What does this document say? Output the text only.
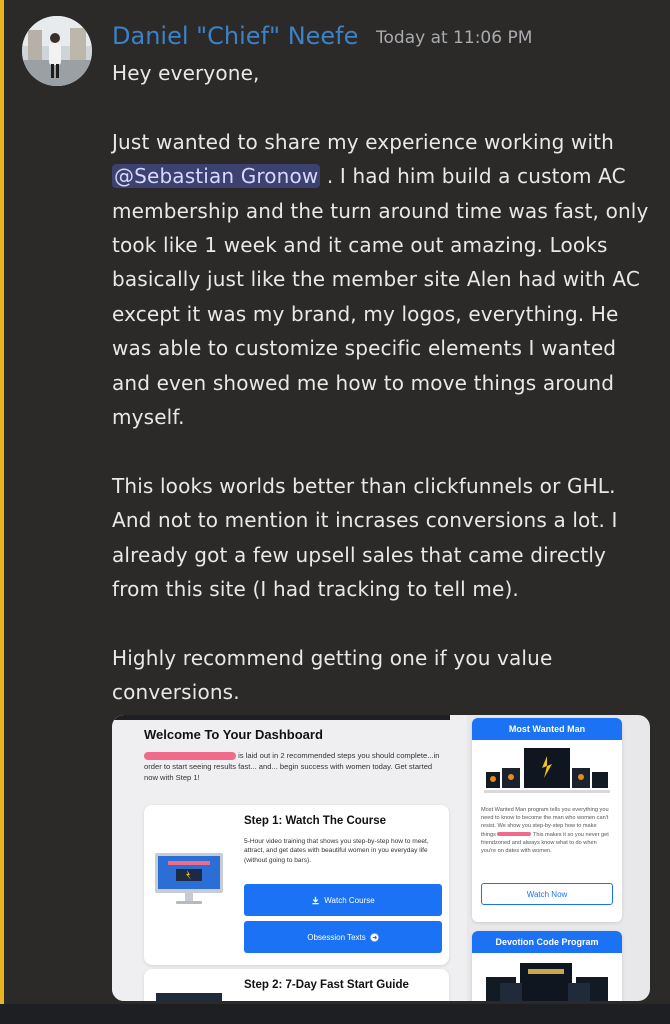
Daniel "Chief" Neefe Today at 11:06 PM

Hey everyone,

Just wanted to share my experience working with @Sebastian Gronow . I had him build a custom AC membership and the turn around time was fast, only took like 1 week and it came out amazing. Looks basically just like the member site Alen had with AC except it was my brand, my logos, everything. He was able to customize specific elements I wanted and even showed me how to move things around myself.

This looks worlds better than clickfunnels or GHL. And not to mention it incrases conversions a lot. I already got a few upsell sales that came directly from this site (I had tracking to tell me).

Highly recommend getting one if you value conversions.

Welcome To Your Dashboard
is laid out in 2 recommended steps you should complete...in order to start seeing results fast... and... begin success with women today. Get started now with Step 1!
Step 1: Watch The Course
5-Hour video training that shows you step-by-step how to meet, attract, and get dates with beautiful women in you everyday life (without going to bars).
Watch Course
Obsession Texts
Step 2: 7-Day Fast Start Guide
Most Wanted Man
Most Wanted Man program tells you everything you need to know to become the man who women can't resist. We show you step-by-step how to make things	This makes it so you never get friendzoned and always know what to do when you're on dates with women.
Watch Now
Devotion Code Program
